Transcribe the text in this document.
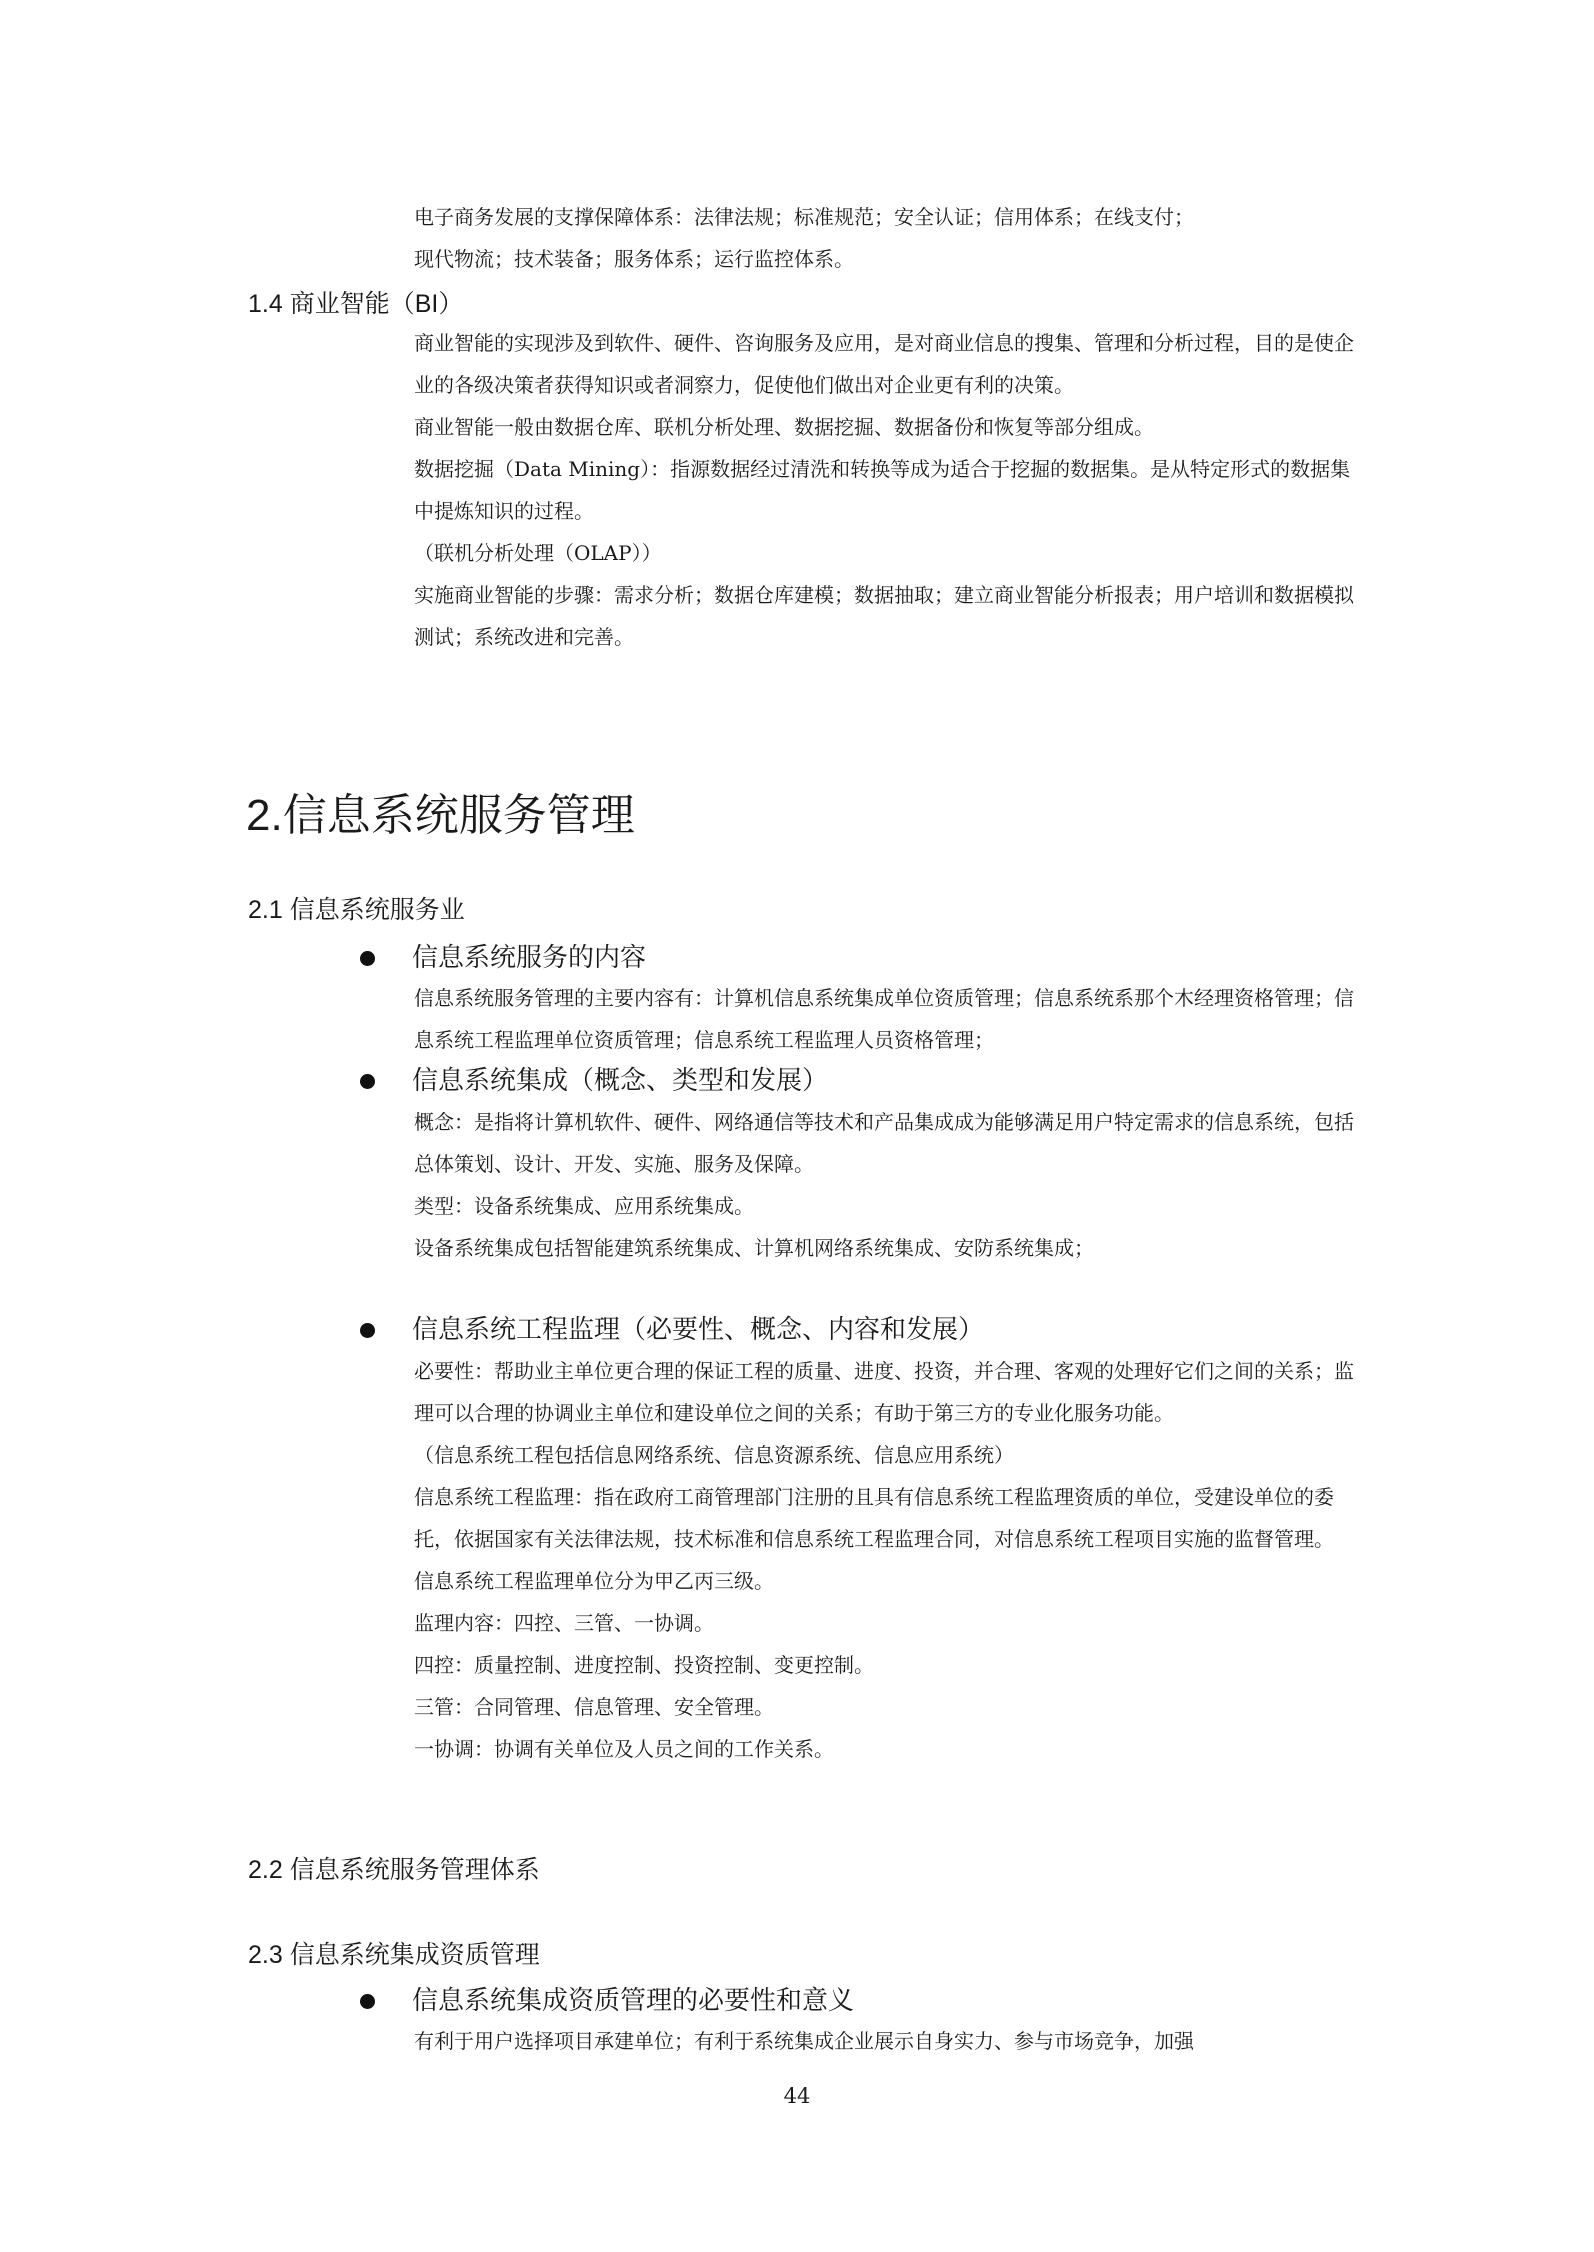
电子商务发展的支撑保障体系：法律法规；标准规范；安全认证；信用体系；在线支付；

现代物流；技术装备；服务体系；运行监控体系。

1.4 商业智能（BI）

商业智能的实现涉及到软件、硬件、咨询服务及应用，是对商业信息的搜集、管理和分析过程，目的是使企业的各级决策者获得知识或者洞察力，促使他们做出对企业更有利的决策。

商业智能一般由数据仓库、联机分析处理、数据挖掘、数据备份和恢复等部分组成。

数据挖掘（Data Mining）：指源数据经过清洗和转换等成为适合于挖掘的数据集。是从特定形式的数据集中提炼知识的过程。

（联机分析处理（OLAP））

实施商业智能的步骤：需求分析；数据仓库建模；数据抽取；建立商业智能分析报表；用户培训和数据模拟测试；系统改进和完善。

2.信息系统服务管理
2.1 信息系统服务业
信息系统服务的内容

信息系统服务管理的主要内容有：计算机信息系统集成单位资质管理；信息系统系那个木经理资格管理；信息系统工程监理单位资质管理；信息系统工程监理人员资格管理；

信息系统集成（概念、类型和发展）

概念：是指将计算机软件、硬件、网络通信等技术和产品集成成为能够满足用户特定需求的信息系统，包括总体策划、设计、开发、实施、服务及保障。

类型：设备系统集成、应用系统集成。

设备系统集成包括智能建筑系统集成、计算机网络系统集成、安防系统集成；

信息系统工程监理（必要性、概念、内容和发展）

必要性：帮助业主单位更合理的保证工程的质量、进度、投资，并合理、客观的处理好它们之间的关系；监理可以合理的协调业主单位和建设单位之间的关系；有助于第三方的专业化服务功能。

（信息系统工程包括信息网络系统、信息资源系统、信息应用系统）

信息系统工程监理：指在政府工商管理部门注册的且具有信息系统工程监理资质的单位，受建设单位的委托，依据国家有关法律法规，技术标准和信息系统工程监理合同，对信息系统工程项目实施的监督管理。

信息系统工程监理单位分为甲乙丙三级。

监理内容：四控、三管、一协调。

四控：质量控制、进度控制、投资控制、变更控制。

三管：合同管理、信息管理、安全管理。

一协调：协调有关单位及人员之间的工作关系。

2.2 信息系统服务管理体系
2.3 信息系统集成资质管理
信息系统集成资质管理的必要性和意义

有利于用户选择项目承建单位；有利于系统集成企业展示自身实力、参与市场竞争，加强

44
